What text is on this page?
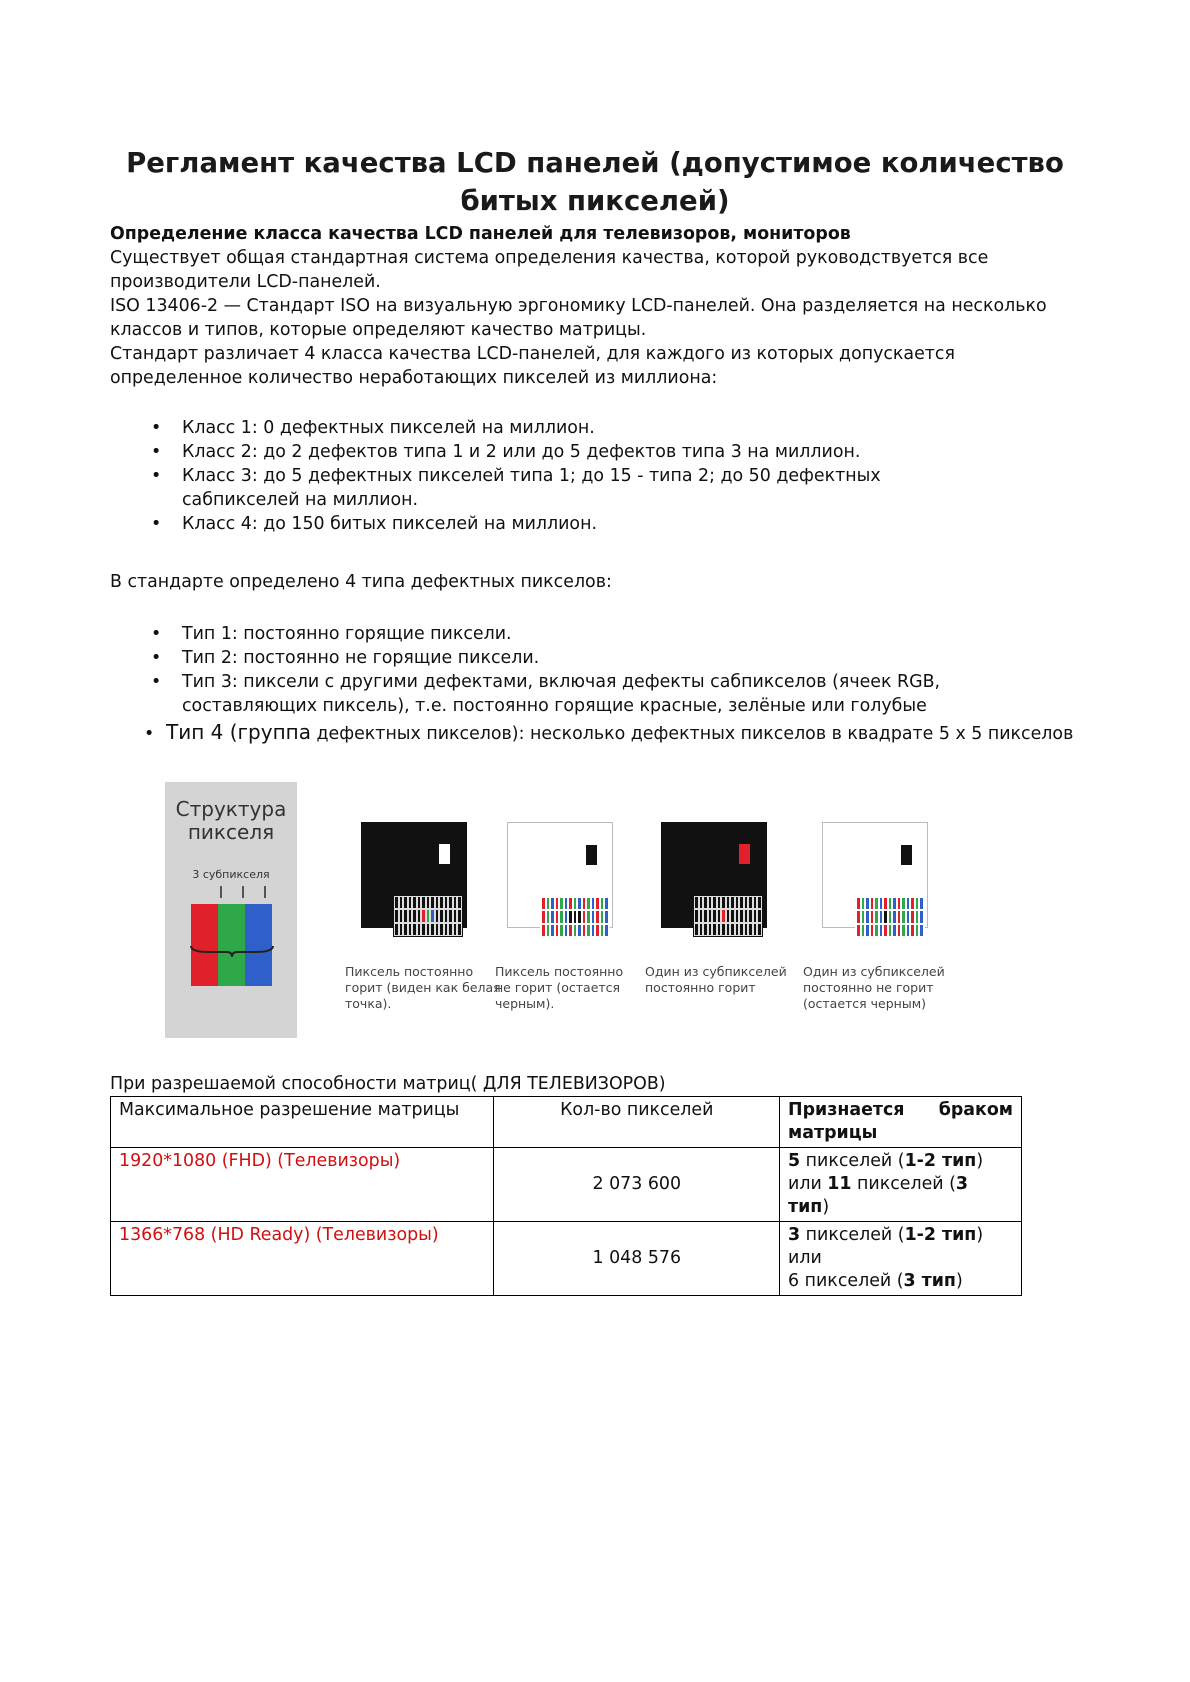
Регламент качества LCD панелей (допустимое количество битых пикселей)
Определение класса качества LCD панелей для телевизоров, мониторов
Существует общая стандартная система определения качества, которой руководствуется все производители LCD-панелей.
ISO 13406-2 — Стандарт ISO на визуальную эргономику LCD-панелей. Она разделяется на несколько классов и типов, которые определяют качество матрицы.
Стандарт различает 4 класса качества LCD-панелей, для каждого из которых допускается определенное количество неработающих пикселей из миллиона:
• Класс 1: 0 дефектных пикселей на миллион.
• Класс 2: до 2 дефектов типа 1 и 2 или до 5 дефектов типа 3 на миллион.
• Класс 3: до 5 дефектных пикселей типа 1; до 15 - типа 2; до 50 дефектных сабпикселей на миллион.
• Класс 4: до 150 битых пикселей на миллион.
В стандарте определено 4 типа дефектных пикселов:
• Тип 1: постоянно горящие пиксели.
• Тип 2: постоянно не горящие пиксели.
• Тип 3: пиксели с другими дефектами, включая дефекты сабпикселов (ячеек RGB, составляющих пиксель), т.е. постоянно горящие красные, зелёные или голубые
• Тип 4 (группа дефектных пикселов): несколько дефектных пикселов в квадрате 5 х 5 пикселов
Структура
пикселя
3 субпикселя
Пиксель постоянно горит (виден как белая точка).
Пиксель постоянно не горит (остается черным).
Один из субпикселей постоянно горит
Один из субпикселей постоянно не горит (остается черным)
При разрешаемой способности матриц( ДЛЯ ТЕЛЕВИЗОРОВ)
Максимальное разрешение матрицы	Кол-во пикселей	Признается браком
матрицы

1920*1080 (FHD) (Телевизоры)	2 073 600	5 пикселей (1-2 тип)
или 11 пикселей (3 тип)
1366*768 (HD Ready) (Телевизоры)	1 048 576	3 пикселей (1-2 тип) или
6 пикселей (3 тип)
